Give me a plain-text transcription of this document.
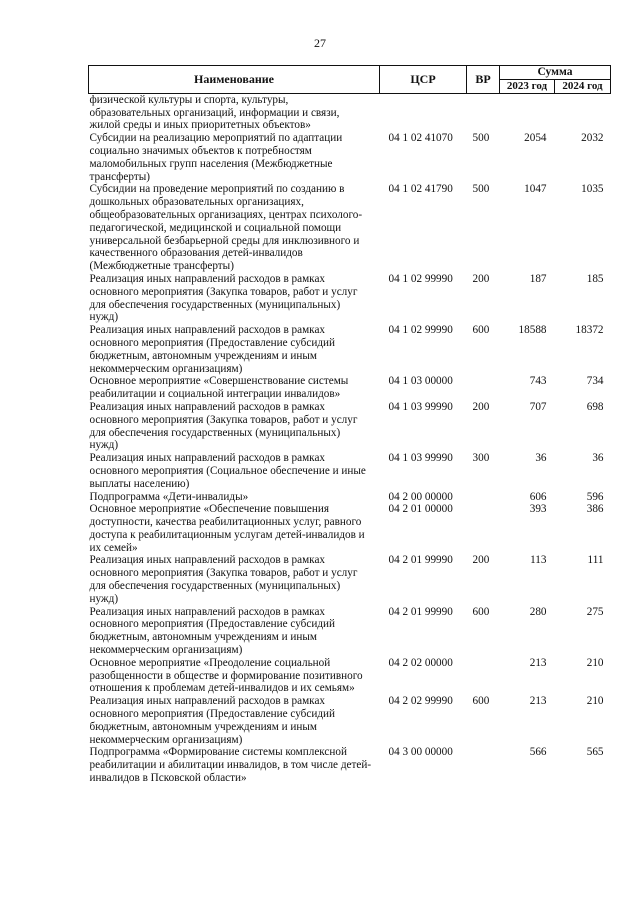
27
Наименование	ЦСР	ВР	Сумма	
			2023 год	2024 год
физической культуры и спорта, культуры, образовательных организаций, информации и связи, жилой среды и иных приоритетных объектов»				
Субсидии на реализацию мероприятий по адаптации социально значимых объектов к потребностям маломобильных групп населения (Межбюджетные трансферты)	04 1 02 41070	500	2054	2032
Субсидии на проведение мероприятий по созданию в дошкольных образовательных организациях, общеобразовательных организациях, центрах психолого-педагогической, медицинской и социальной помощи универсальной безбарьерной среды для инклюзивного и качественного образования детей-инвалидов (Межбюджетные трансферты)	04 1 02 41790	500	1047	1035
Реализация иных направлений расходов в рамках основного мероприятия (Закупка товаров, работ и услуг для обеспечения государственных (муниципальных) нужд)	04 1 02 99990	200	187	185
Реализация иных направлений расходов в рамках основного мероприятия (Предоставление субсидий бюджетным, автономным учреждениям и иным некоммерческим организациям)	04 1 02 99990	600	18588	18372
Основное мероприятие «Совершенствование системы реабилитации и социальной интеграции инвалидов»	04 1 03 00000		743	734
Реализация иных направлений расходов в рамках основного мероприятия (Закупка товаров, работ и услуг для обеспечения государственных (муниципальных) нужд)	04 1 03 99990	200	707	698
Реализация иных направлений расходов в рамках основного мероприятия (Социальное обеспечение и иные выплаты населению)	04 1 03 99990	300	36	36
Подпрограмма «Дети-инвалиды»	04 2 00 00000		606	596
Основное мероприятие «Обеспечение повышения доступности, качества реабилитационных услуг, равного доступа к реабилитационным услугам детей-инвалидов и их семей»	04 2 01 00000		393	386
Реализация иных направлений расходов в рамках основного мероприятия (Закупка товаров, работ и услуг для обеспечения государственных (муниципальных) нужд)	04 2 01 99990	200	113	111
Реализация иных направлений расходов в рамках основного мероприятия (Предоставление субсидий бюджетным, автономным учреждениям и иным некоммерческим организациям)	04 2 01 99990	600	280	275
Основное мероприятие «Преодоление социальной разобщенности в обществе и формирование позитивного отношения к проблемам детей-инвалидов и их семьям»	04 2 02 00000		213	210
Реализация иных направлений расходов в рамках основного мероприятия (Предоставление субсидий бюджетным, автономным учреждениям и иным некоммерческим организациям)	04 2 02 99990	600	213	210
Подпрограмма «Формирование системы комплексной реабилитации и абилитации инвалидов, в том числе детей-инвалидов в Псковской области»	04 3 00 00000		566	565
